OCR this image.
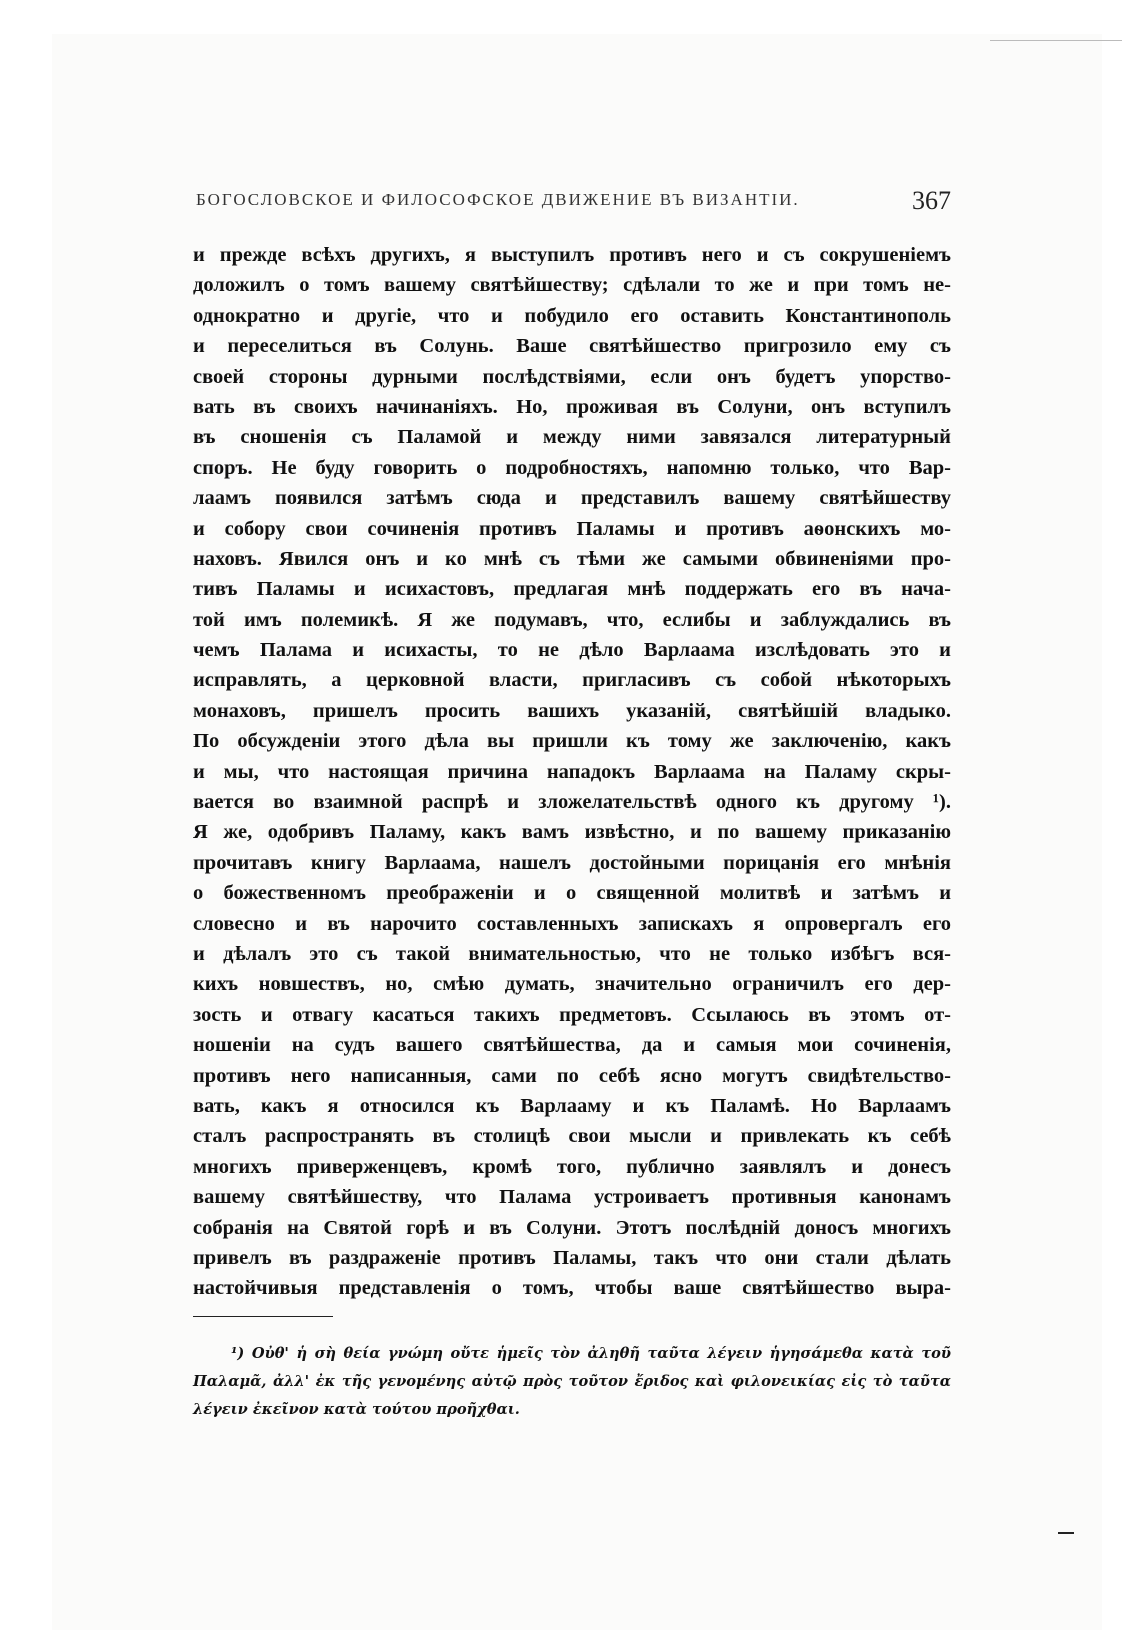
БОГОСЛОВСКОЕ И ФИЛОСОФСКОЕ ДВИЖЕНИЕ ВЪ ВИЗАНТІИ.	367
и прежде всѣхъ другихъ, я выступилъ противъ него и съ сокрушеніемъ
доложилъ о томъ вашему святѣйшеству; сдѣлали то же и при томъ не-
однократно и другіе, что и побудило его оставить Константинополь
и переселиться въ Солунь. Ваше святѣйшество пригрозило ему съ
своей стороны дурными послѣдствіями, если онъ будетъ упорство-
вать въ своихъ начинаніяхъ. Но, проживая въ Солуни, онъ вступилъ
въ сношенія съ Паламой и между ними завязался литературный
споръ. Не буду говорить о подробностяхъ, напомню только, что Вар-
лаамъ появился затѣмъ сюда и представилъ вашему святѣйшеству
и собору свои сочиненія противъ Паламы и противъ аѳонскихъ мо-
наховъ. Явился онъ и ко мнѣ съ тѣми же самыми обвиненіями про-
тивъ Паламы и исихастовъ, предлагая мнѣ поддержать его въ нача-
той имъ полемикѣ. Я же подумавъ, что, еслибы и заблуждались въ
чемъ Палама и исихасты, то не дѣло Варлаама изслѣдовать это и
исправлять, а церковной власти, пригласивъ съ собой нѣкоторыхъ
монаховъ, пришелъ просить вашихъ указаній, святѣйшій владыко.
По обсужденіи этого дѣла вы пришли къ тому же заключенію, какъ
и мы, что настоящая причина нападокъ Варлаама на Паламу скры-
вается во взаимной распрѣ и зложелательствѣ одного къ другому ¹).
Я же, одобривъ Паламу, какъ вамъ извѣстно, и по вашему приказанію
прочитавъ книгу Варлаама, нашелъ достойными порицанія его мнѣнія
о божественномъ преображеніи и о священной молитвѣ и затѣмъ и
словесно и въ нарочито составленныхъ запискахъ я опровергалъ его
и дѣлалъ это съ такой внимательностью, что не только избѣгъ вся-
кихъ новшествъ, но, смѣю думать, значительно ограничилъ его дер-
зость и отвагу касаться такихъ предметовъ. Ссылаюсь въ этомъ от-
ношеніи на судъ вашего святѣйшества, да и самыя мои сочиненія,
противъ него написанныя, сами по себѣ ясно могутъ свидѣтельство-
вать, какъ я относился къ Варлааму и къ Паламѣ. Но Варлаамъ
сталъ распространять въ столицѣ свои мысли и привлекать къ себѣ
многихъ приверженцевъ, кромѣ того, публично заявлялъ и донесъ
вашему святѣйшеству, что Палама устроиваетъ противныя канонамъ
собранія на Святой горѣ и въ Солуни. Этотъ послѣдній доносъ многихъ
привелъ въ раздраженіе противъ Паламы, такъ что они стали дѣлать
настойчивыя представленія о томъ, чтобы ваше святѣйшество выра-
¹) Οὐθ' ἡ σὴ θεία γνώμη οὔτε ἡμεῖς τὸν ἀληθῆ ταῦτα λέγειν ἡγησάμεθα κατὰ τοῦ
Παλαμᾶ, ἀλλ' ἐκ τῆς γενομένης αὐτῷ πρὸς τοῦτον ἔριδος καὶ φιλονεικίας εἰς τὸ ταῦτα
λέγειν ἐκεῖνον κατὰ τούτου προῆχθαι.
